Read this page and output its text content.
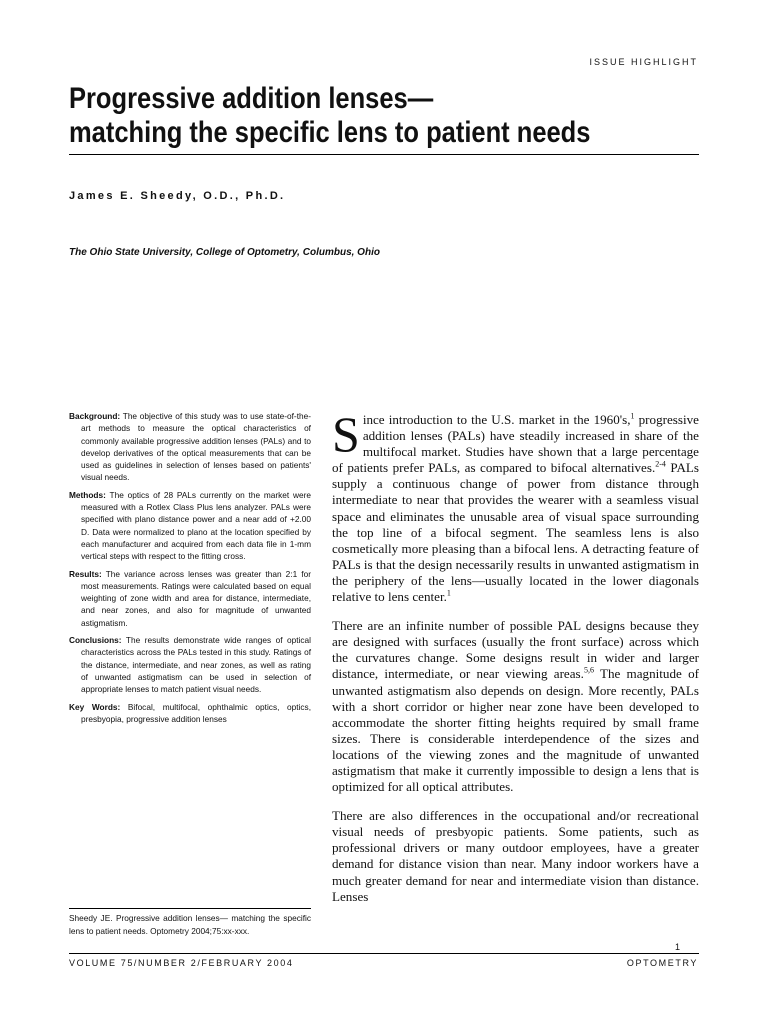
ISSUE HIGHLIGHT
Progressive addition lenses—
matching the specific lens to patient needs
James E. Sheedy, O.D., Ph.D.
The Ohio State University, College of Optometry, Columbus, Ohio

Background: The objective of this study was to use state-of-the-art methods to measure the optical characteristics of commonly available progressive addition lenses (PALs) and to develop derivatives of the optical measurements that can be used as guidelines in selection of lenses based on patients' visual needs.

Methods: The optics of 28 PALs currently on the market were measured with a Rotlex Class Plus lens analyzer. PALs were specified with plano distance power and a near add of +2.00 D. Data were normalized to plano at the location specified by each manufacturer and acquired from each data file in 1-mm vertical steps with respect to the fitting cross.

Results: The variance across lenses was greater than 2:1 for most measurements. Ratings were calculated based on equal weighting of zone width and area for distance, intermediate, and near zones, and also for magnitude of unwanted astigmatism.

Conclusions: The results demonstrate wide ranges of optical characteristics across the PALs tested in this study. Ratings of the distance, intermediate, and near zones, as well as rating of unwanted astigmatism can be used in selection of appropriate lenses to match patient visual needs.

Key Words: Bifocal, multifocal, ophthalmic optics, optics, presbyopia, progressive addition lenses

Sheedy JE. Progressive addition lenses— matching the specific lens to patient needs. Optometry 2004;75:xx-xxx.

Since introduction to the U.S. market in the 1960's,$^1$ progressive addition lenses (PALs) have steadily increased in share of the multifocal market. Studies have shown that a large percentage of patients prefer PALs, as compared to bifocal alternatives.$^{2-4}$ PALs supply a continuous change of power from distance through intermediate to near that provides the wearer with a seamless visual space and eliminates the unusable area of visual space surrounding the top line of a bifocal segment. The seamless lens is also cosmetically more pleasing than a bifocal lens. A detracting feature of PALs is that the design necessarily results in unwanted astigmatism in the periphery of the lens—usually located in the lower diagonals relative to lens center.$^1$

There are an infinite number of possible PAL designs because they are designed with surfaces (usually the front surface) across which the curvatures change. Some designs result in wider and larger distance, intermediate, or near viewing areas.$^{5,6}$ The magnitude of unwanted astigmatism also depends on design. More recently, PALs with a short corridor or higher near zone have been developed to accommodate the shorter fitting heights required by small frame sizes. There is considerable interdependence of the sizes and locations of the viewing zones and the magnitude of unwanted astigmatism that make it currently impossible to design a lens that is optimized for all optical attributes.

There are also differences in the occupational and/or recreational visual needs of presbyopic patients. Some patients, such as professional drivers or many outdoor employees, have a greater demand for distance vision than near. Many indoor workers have a much greater demand for near and intermediate vision than distance. Lenses

1
VOLUME 75/NUMBER 2/FEBRUARY 2004	OPTOMETRY
